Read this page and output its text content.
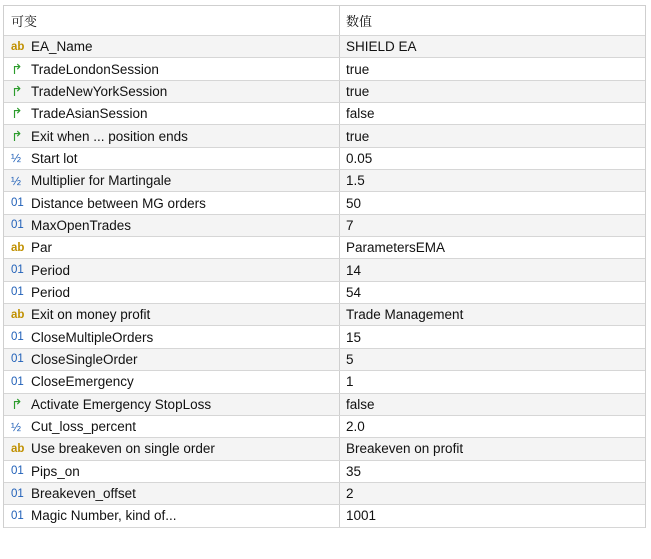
可变	数值
ab EA_Name	SHIELD EA
↱ TradeLondonSession	true
↱ TradeNewYorkSession	true
↱ TradeAsianSession	false
↱ Exit when ... position ends	true
½ Start lot	0.05
½ Multiplier for Martingale	1.5
01 Distance between MG orders	50
01 MaxOpenTrades	7
ab Par	ParametersEMA
01 Period	14
01 Period	54
ab Exit on money profit	Trade Management
01 CloseMultipleOrders	15
01 CloseSingleOrder	5
01 CloseEmergency	1
↱ Activate Emergency StopLoss	false
½ Cut_loss_percent	2.0
ab Use breakeven on single order	Breakeven on profit
01 Pips_on	35
01 Breakeven_offset	2
01 Magic Number, kind of...	1001
